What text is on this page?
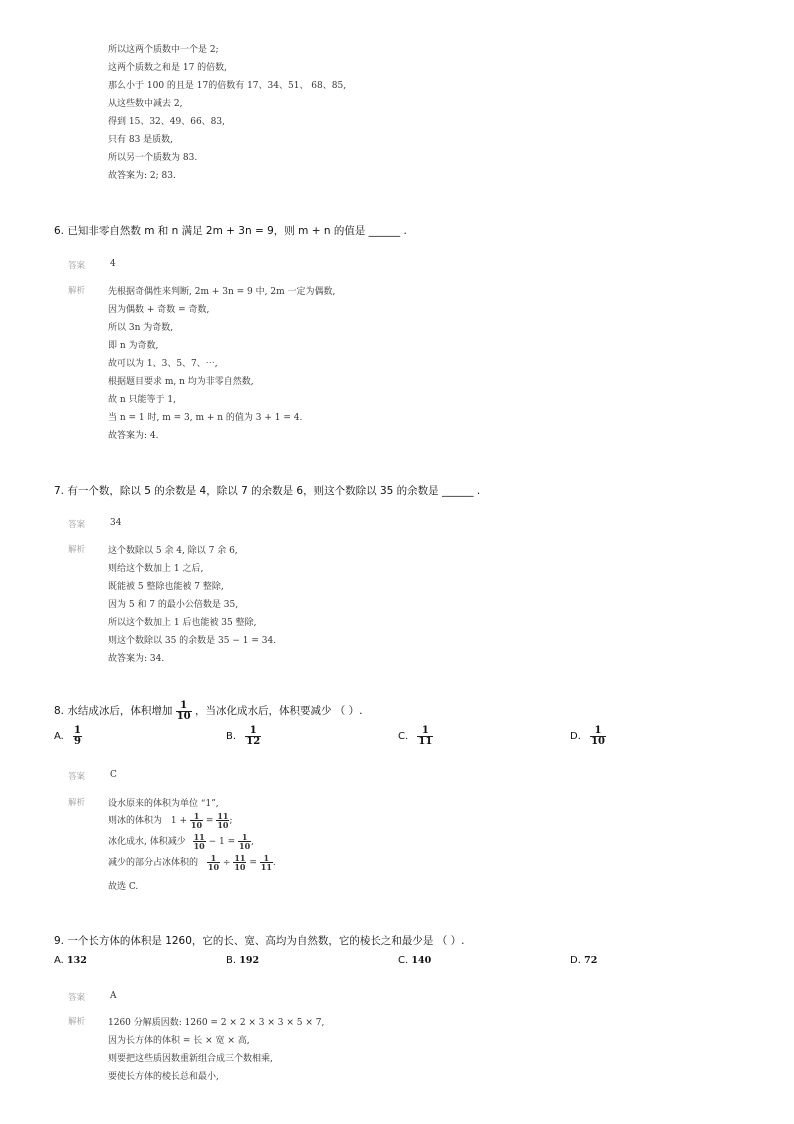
所以这两个质数中一个是 2;
这两个质数之和是 17 的倍数,
那么小于 100 的且是 17的倍数有 17、34、51、 68、85,
从这些数中减去 2,
得到 15、32、49、66、83,
只有 83 是质数,
所以另一个质数为 83.
故答案为: 2; 83.
6. 已知非零自然数 m 和 n 满足 2m + 3n = 9，则 m + n 的值是 ______ .
答案	4
解析	先根据奇偶性来判断, 2m + 3n = 9 中, 2m 一定为偶数,
因为偶数 + 奇数 = 奇数,
所以 3n 为奇数,
即 n 为奇数,
故可以为 1、3、5、7、⋯,
根据题目要求 m, n 均为非零自然数,
故 n 只能等于 1,
当 n = 1 时, m = 3, m + n 的值为 3 + 1 = 4.
故答案为: 4.
7. 有一个数，除以 5 的余数是 4，除以 7 的余数是 6，则这个数除以 35 的余数是 ______ .
答案	34
解析	这个数除以 5 余 4, 除以 7 余 6,
则给这个数加上 1 之后,
既能被 5 整除也能被 7 整除,
因为 5 和 7 的最小公倍数是 35,
所以这个数加上 1 后也能被 35 整除,
则这个数除以 35 的余数是 35 − 1 = 34.
故答案为: 34.
8. 水结成冰后，体积增加 $\frac{1}{10}$ ，当冰化成水后，体积要减少 （ ）.
A. $\frac{1}{9}$	B. $\frac{1}{12}$	C. $\frac{1}{11}$	D. $\frac{1}{10}$
答案	C
解析	设水原来的体积为单位 “1”,
则冰的体积为 $1 + \frac{1}{10} = \frac{11}{10}$ ;
冰化成水, 体积减少 $\frac{11}{10} - 1 = \frac{1}{10}$ ,
减少的部分占冰体积的 $\frac{1}{10} \div \frac{11}{10} = \frac{1}{11}$ .
故选 C.
9. 一个长方体的体积是 1260，它的长、宽、高均为自然数，它的棱长之和最少是 （ ）.
A. 132	B. 192	C. 140	D. 72
答案	A
解析	1260 分解质因数: 1260 = 2 × 2 × 3 × 3 × 5 × 7,
因为长方体的体积 = 长 × 宽 × 高,
则要把这些质因数重新组合成三个数相乘,
要使长方体的棱长总和最小,
